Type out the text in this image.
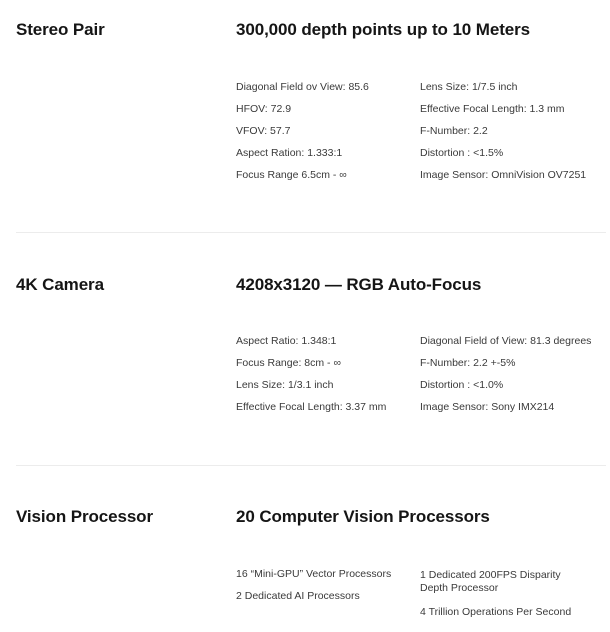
Stereo Pair	300,000 depth points up to 10 Meters
Diagonal Field ov View: 85.6
HFOV: 72.9
VFOV: 57.7
Aspect Ration: 1.333:1
Focus Range 6.5cm - ∞
Lens Size: 1/7.5 inch
Effective Focal Length: 1.3 mm
F-Number: 2.2
Distortion : <1.5%
Image Sensor: OmniVision OV7251
4K Camera	4208x3120 — RGB Auto-Focus
Aspect Ratio: 1.348:1
Focus Range: 8cm - ∞
Lens Size: 1/3.1 inch
Effective Focal Length: 3.37 mm
Diagonal Field of View: 81.3 degrees
F-Number: 2.2 +-5%
Distortion : <1.0%
Image Sensor: Sony IMX214
Vision Processor	20 Computer Vision Processors
16 “Mini-GPU” Vector Processors
2 Dedicated AI Processors
1 Dedicated 200FPS Disparity Depth Processor
4 Trillion Operations Per Second
